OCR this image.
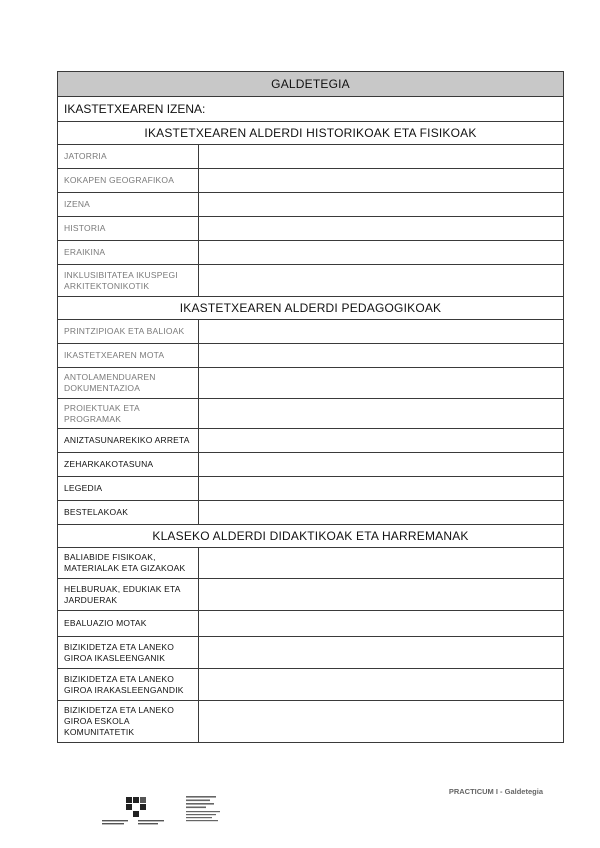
GALDETEGIA	
IKASTETXEAREN IZENA:	
IKASTETXEAREN ALDERDI HISTORIKOAK ETA FISIKOAK	
JATORRIA	
KOKAPEN GEOGRAFIKOA	
IZENA	
HISTORIA	
ERAIKINA	
INKLUSIBITATEA IKUSPEGI ARKITEKTONIKOTIK	
IKASTETXEAREN ALDERDI PEDAGOGIKOAK	
PRINTZIPIOAK ETA BALIOAK	
IKASTETXEAREN MOTA	
ANTOLAMENDUAREN DOKUMENTAZIOA	
PROIEKTUAK ETA PROGRAMAK	
ANIZTASUNAREKIKO ARRETA	
ZEHARKAKOTASUNA	
LEGEDIA	
BESTELAKOAK	
KLASEKO ALDERDI DIDAKTIKOAK ETA HARREMANAK	
BALIABIDE FISIKOAK, MATERIALAK ETA GIZAKOAK	
HELBURUAK, EDUKIAK ETA JARDUERAK	
EBALUAZIO MOTAK	
BIZIKIDETZA ETA LANEKO GIROA IKASLEENGANIK	
BIZIKIDETZA ETA LANEKO GIROA IRAKASLEENGANDIK	
BIZIKIDETZA ETA LANEKO GIROA ESKOLA KOMUNITATETIK	
PRACTICUM I - Galdetegia
